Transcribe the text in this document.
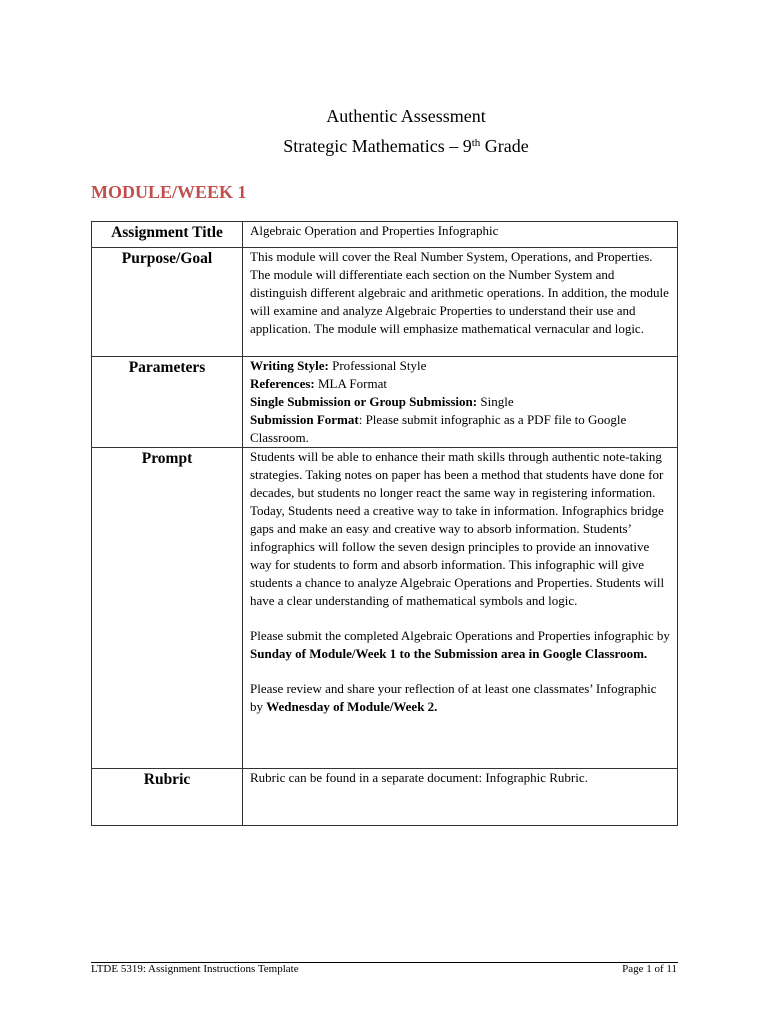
Authentic Assessment
Strategic Mathematics – 9th Grade
MODULE/WEEK 1
Assignment Title	Algebraic Operation and Properties Infographic
Purpose/Goal	This module will cover the Real Number System, Operations, and Properties. The module will differentiate each section on the Number System and distinguish different algebraic and arithmetic operations. In addition, the module will examine and analyze Algebraic Properties to understand their use and application. The module will emphasize mathematical vernacular and logic.
Parameters	Writing Style: Professional Style

References: MLA Format

Single Submission or Group Submission: Single

Submission Format: Please submit infographic as a PDF file to Google Classroom.

Prompt	Students will be able to enhance their math skills through authentic note-taking strategies. Taking notes on paper has been a method that students have done for decades, but students no longer react the same way in registering information. Today, Students need a creative way to take in information. Infographics bridge gaps and make an easy and creative way to absorb information. Students’ infographics will follow the seven design principles to provide an innovative way for students to form and absorb information. This infographic will give students a chance to analyze Algebraic Operations and Properties. Students will have a clear understanding of mathematical symbols and logic.

Please submit the completed Algebraic Operations and Properties infographic by Sunday of Module/Week 1 to the Submission area in Google Classroom.

Please review and share your reflection of at least one classmates’ Infographic by Wednesday of Module/Week 2.

Rubric	Rubric can be found in a separate document: Infographic Rubric.
LTDE 5319: Assignment Instructions Template	Page 1 of 11
